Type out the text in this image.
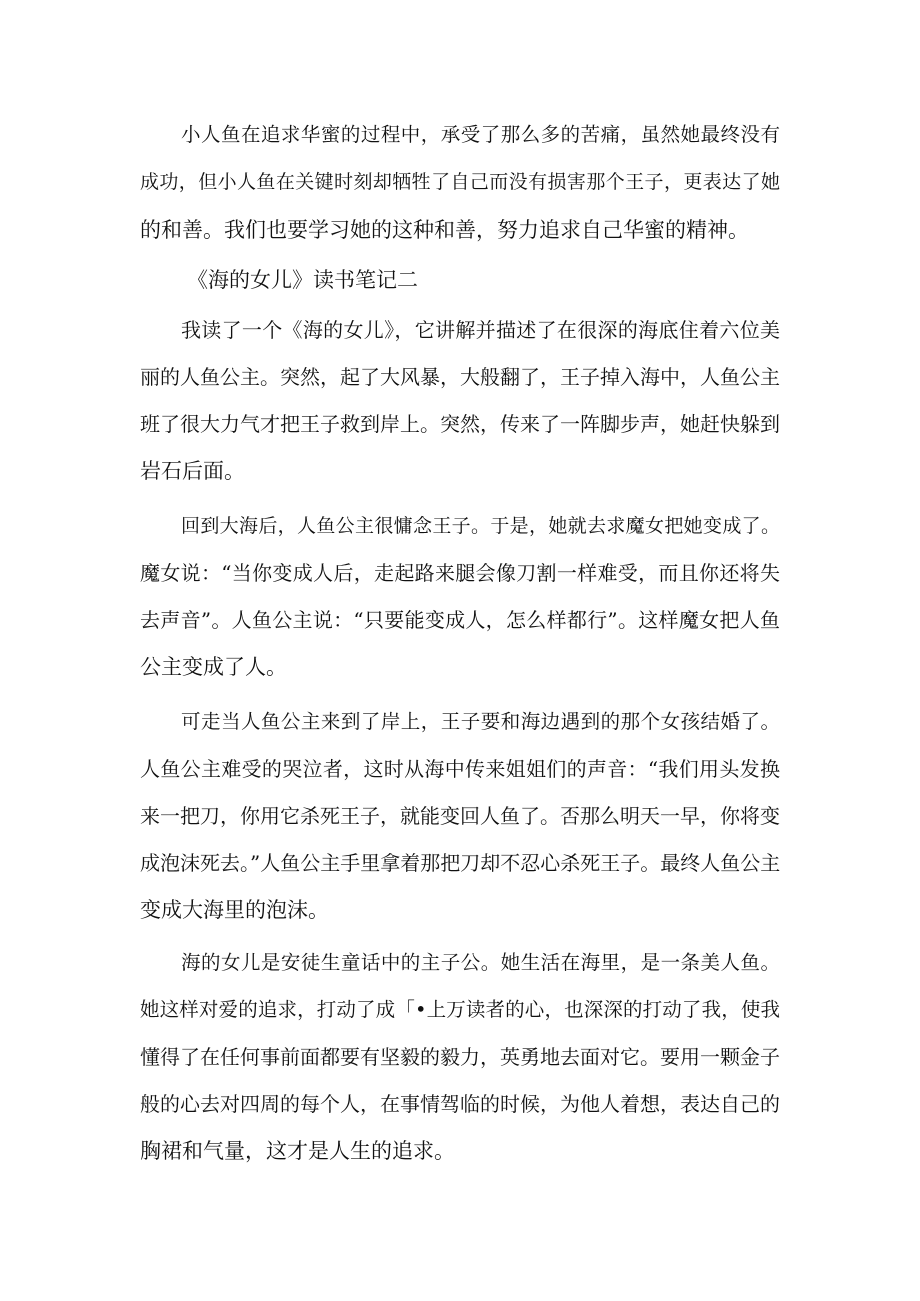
小人鱼在追求华蜜的过程中，承受了那么多的苦痛，虽然她最终没有
成功，但小人鱼在关键时刻却牺牲了自己而没有损害那个王子，更表达了她
的和善。我们也要学习她的这种和善，努力追求自己华蜜的精神。
《海的女儿》读书笔记二
我读了一个《海的女儿》，它讲解并描述了在很深的海底住着六位美
丽的人鱼公主。突然，起了大风暴，大般翻了，王子掉入海中，人鱼公主
班了很大力气才把王子救到岸上。突然，传来了一阵脚步声，她赶快躲到
岩石后面。
回到大海后，人鱼公主很慵念王子。于是，她就去求魔女把她变成了。
魔女说：“当你变成人后，走起路来腿会像刀割一样难受，而且你还将失
去声音”。人鱼公主说：“只要能变成人，怎么样都行”。这样魔女把人鱼
公主变成了人。
可走当人鱼公主来到了岸上，王子要和海边遇到的那个女孩结婚了。
人鱼公主难受的哭泣者，这时从海中传来姐姐们的声音：“我们用头发换
来一把刀，你用它杀死王子，就能变回人鱼了。否那么明天一早，你将变
成泡沫死去。”人鱼公主手里拿着那把刀却不忍心杀死王子。最终人鱼公主
变成大海里的泡沫。
海的女儿是安徒生童话中的主子公。她生活在海里，是一条美人鱼。
她这样对爱的追求，打动了成「•上万读者的心，也深深的打动了我，使我
懂得了在任何事前面都要有坚毅的毅力，英勇地去面对它。要用一颗金子
般的心去对四周的每个人，在事情驾临的时候，为他人着想，表达自己的
胸裙和气量，这才是人生的追求。
